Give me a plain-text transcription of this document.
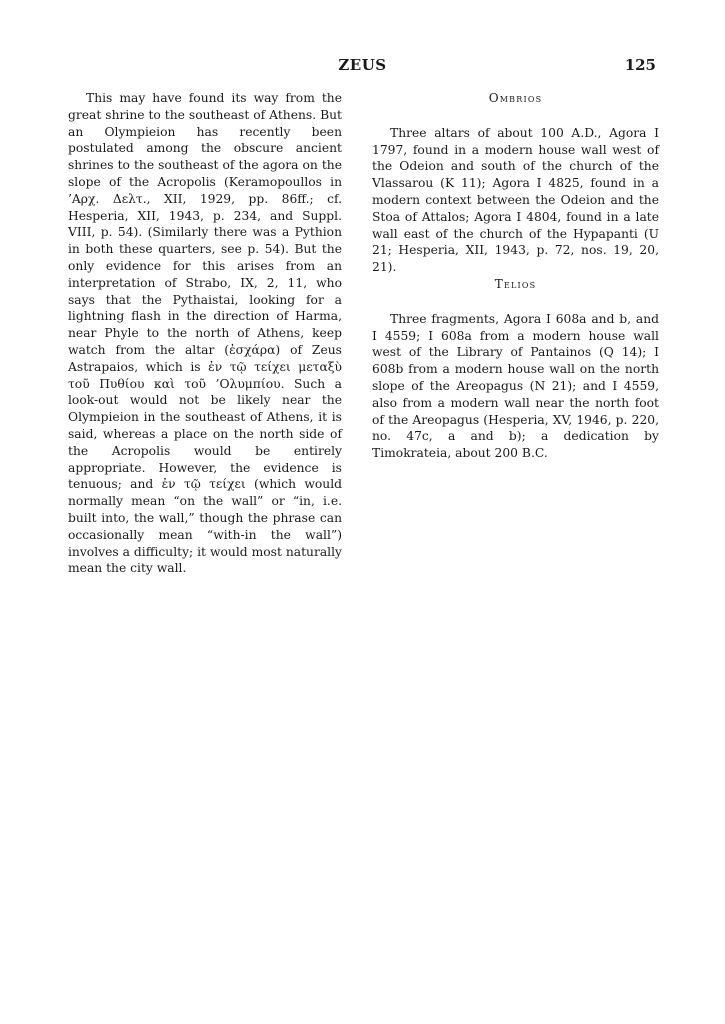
ZEUS	125

This may have found its way from the great shrine to the southeast of Athens. But an Olympieion has recently been postulated among the obscure ancient shrines to the southeast of the agora on the slope of the Acropolis (Keramopoullos in ’Αρχ. Δελτ., XII, 1929, pp. 86ff.; cf. Hesperia, XII, 1943, p. 234, and Suppl. VIII, p. 54). (Similarly there was a Pythion in both these quarters, see p. 54). But the only evidence for this arises from an interpretation of Strabo, IX, 2, 11, who says that the Pythaistai, looking for a lightning flash in the direction of Harma, near Phyle to the north of Athens, keep watch from the altar (ἐσχάρα) of Zeus Astrapaios, which is ἐν τῷ τείχει μεταξὺ τοῦ Πυθίου καὶ τοῦ ’Ολυμπίου. Such a look-out would not be likely near the Olympieion in the southeast of Athens, it is said, whereas a place on the north side of the Acropolis would be entirely appropriate. However, the evidence is tenuous; and ἐν τῷ τείχει (which would normally mean “on the wall” or “in, i.e. built into, the wall,” though the phrase can occasionally mean “with-in the wall”) involves a difficulty; it would most naturally mean the city wall.

Ombrios

Three altars of about 100 A.D., Agora I 1797, found in a modern house wall west of the Odeion and south of the church of the Vlassarou (K 11); Agora I 4825, found in a modern context between the Odeion and the Stoa of Attalos; Agora I 4804, found in a late wall east of the church of the Hypapanti (U 21; Hesperia, XII, 1943, p. 72, nos. 19, 20, 21).

Telios

Three fragments, Agora I 608a and b, and I 4559; I 608a from a modern house wall west of the Library of Pantainos (Q 14); I 608b from a modern house wall on the north slope of the Areopagus (N 21); and I 4559, also from a modern wall near the north foot of the Areopagus (Hesperia, XV, 1946, p. 220, no. 47c, a and b); a dedication by Timokrateia, about 200 B.C.
